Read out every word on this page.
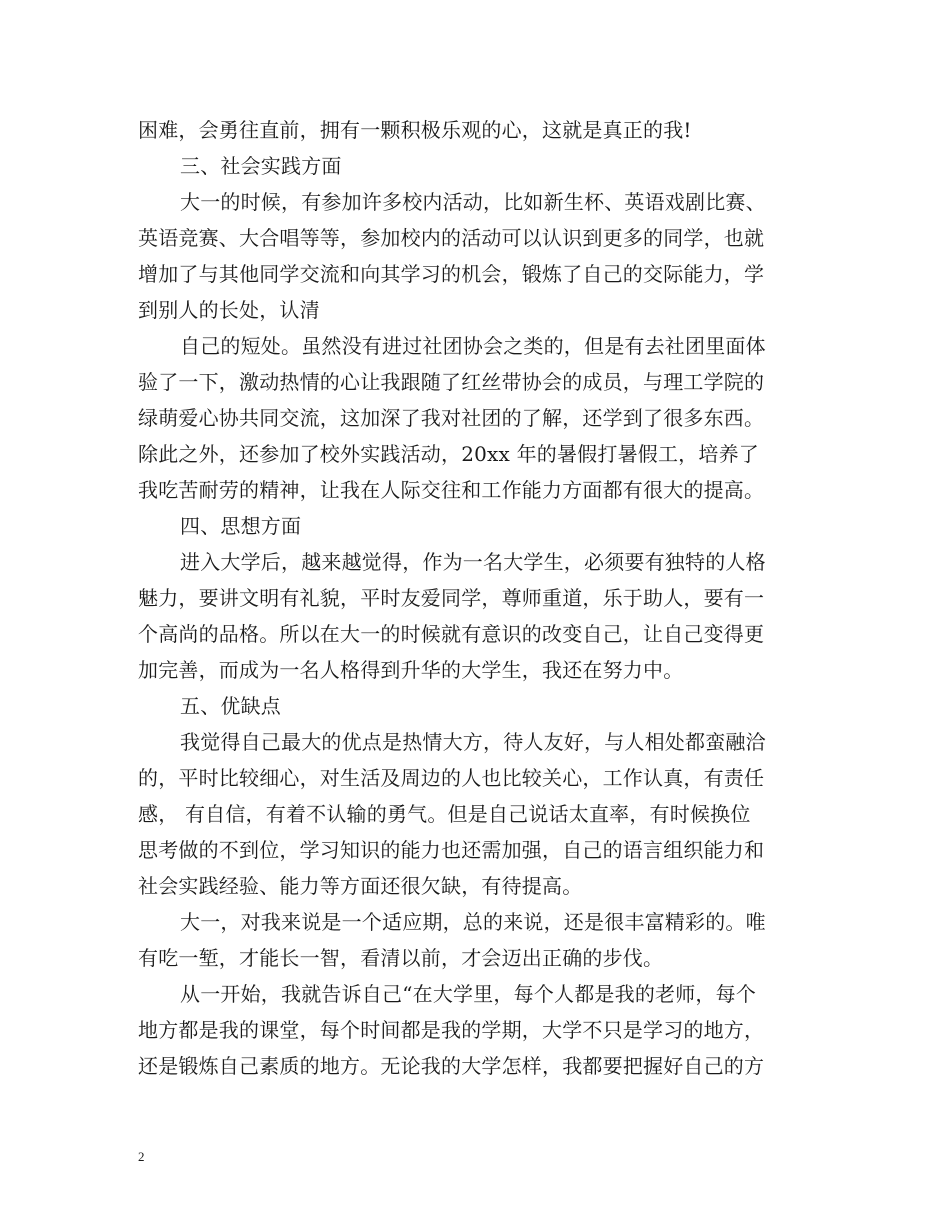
困难，会勇往直前，拥有一颗积极乐观的心，这就是真正的我!
三、社会实践方面
大一的时候，有参加许多校内活动，比如新生杯、英语戏剧比赛、
英语竞赛、大合唱等等，参加校内的活动可以认识到更多的同学，也就
增加了与其他同学交流和向其学习的机会，锻炼了自己的交际能力，学
到别人的长处，认清
自己的短处。虽然没有进过社团协会之类的，但是有去社团里面体
验了一下，激动热情的心让我跟随了红丝带协会的成员，与理工学院的
绿萌爱心协共同交流，这加深了我对社团的了解，还学到了很多东西。
除此之外，还参加了校外实践活动，20xx 年的暑假打暑假工，培养了
我吃苦耐劳的精神，让我在人际交往和工作能力方面都有很大的提高。
四、思想方面
进入大学后，越来越觉得，作为一名大学生，必须要有独特的人格
魅力，要讲文明有礼貌，平时友爱同学，尊师重道，乐于助人，要有一
个高尚的品格。所以在大一的时候就有意识的改变自己，让自己变得更
加完善，而成为一名人格得到升华的大学生，我还在努力中。
五、优缺点
我觉得自己最大的优点是热情大方，待人友好，与人相处都蛮融洽
的，平时比较细心，对生活及周边的人也比较关心，工作认真，有责任
感， 有自信，有着不认输的勇气。但是自己说话太直率，有时候换位
思考做的不到位，学习知识的能力也还需加强，自己的语言组织能力和
社会实践经验、能力等方面还很欠缺，有待提高。
大一，对我来说是一个适应期，总的来说，还是很丰富精彩的。唯
有吃一堑，才能长一智，看清以前，才会迈出正确的步伐。
从一开始，我就告诉自己“在大学里，每个人都是我的老师，每个
地方都是我的课堂，每个时间都是我的学期，大学不只是学习的地方，
还是锻炼自己素质的地方。无论我的大学怎样，我都要把握好自己的方
2
